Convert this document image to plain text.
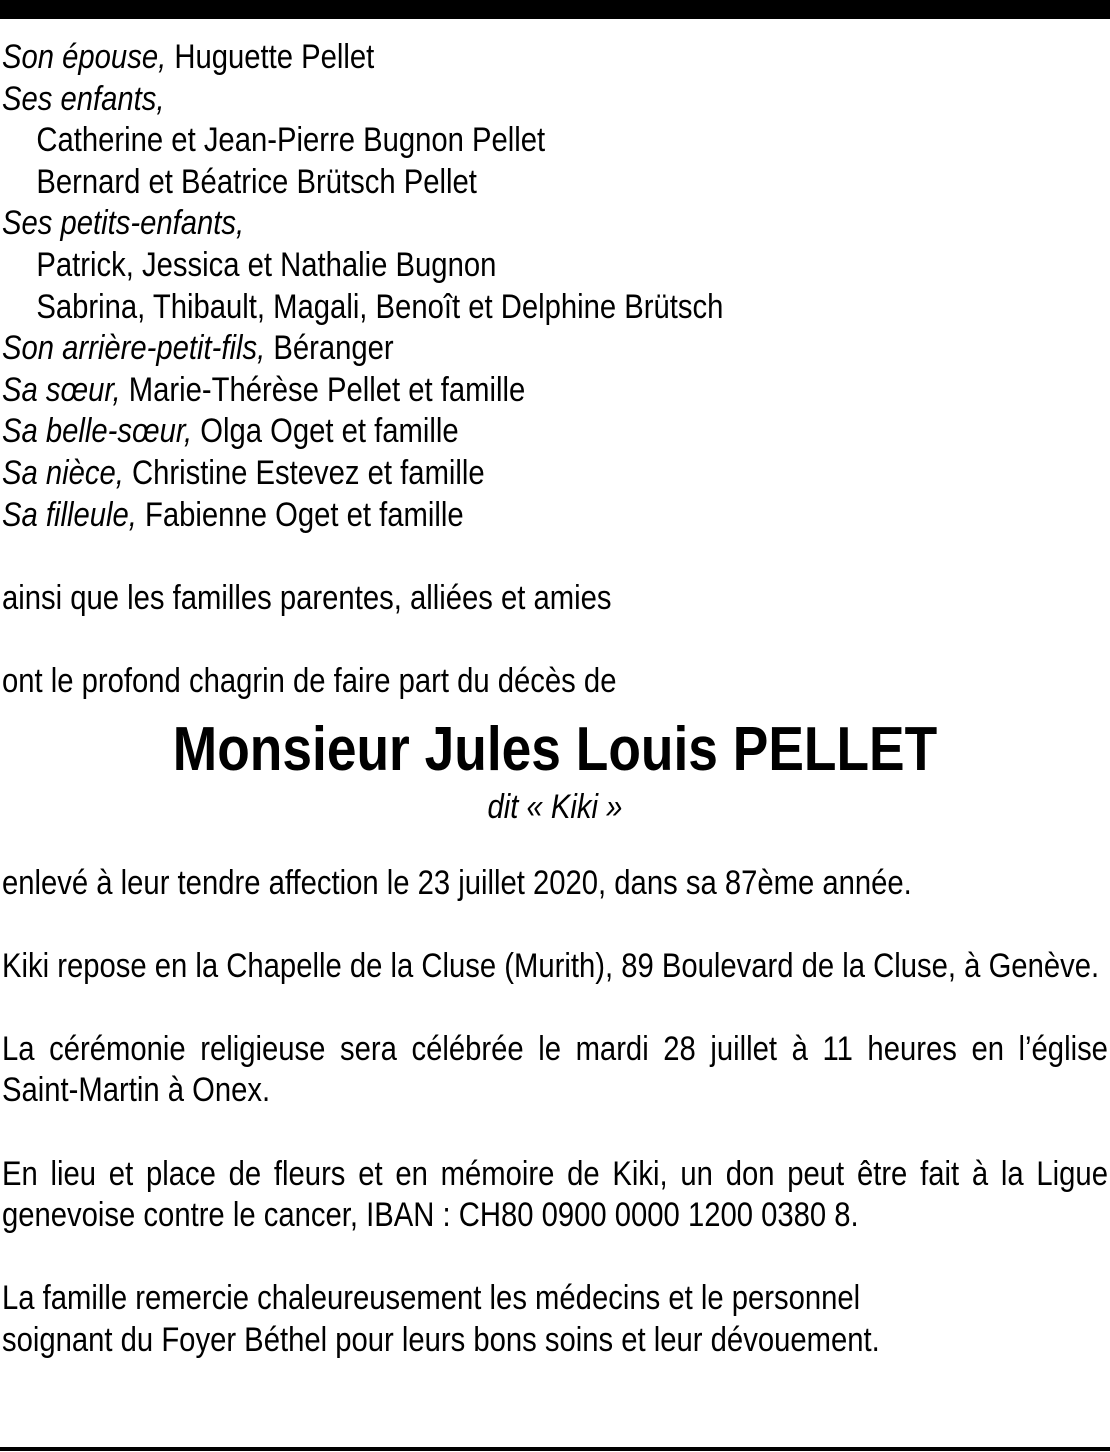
Son épouse, Huguette Pellet
Ses enfants,
Catherine et Jean-Pierre Bugnon Pellet
Bernard et Béatrice Brütsch Pellet
Ses petits-enfants,
Patrick, Jessica et Nathalie Bugnon
Sabrina, Thibault, Magali, Benoît et Delphine Brütsch
Son arrière-petit-fils, Béranger
Sa sœur, Marie-Thérèse Pellet et famille
Sa belle-sœur, Olga Oget et famille
Sa nièce, Christine Estevez et famille
Sa filleule, Fabienne Oget et famille
ainsi que les familles parentes, alliées et amies
ont le profond chagrin de faire part du décès de
Monsieur Jules Louis PELLET
dit « Kiki »
enlevé à leur tendre affection le 23 juillet 2020, dans sa 87ème année.
Kiki repose en la Chapelle de la Cluse (Murith), 89 Boulevard de la Cluse, à Genève.
La cérémonie religieuse sera célébrée le mardi 28 juillet à 11 heures en l’église Saint-Martin à Onex.
En lieu et place de fleurs et en mémoire de Kiki, un don peut être fait à la Ligue genevoise contre le cancer, IBAN : CH80 0900 0000 1200 0380 8.
La famille remercie chaleureusement les médecins et le personnel
soignant du Foyer Béthel pour leurs bons soins et leur dévouement.
